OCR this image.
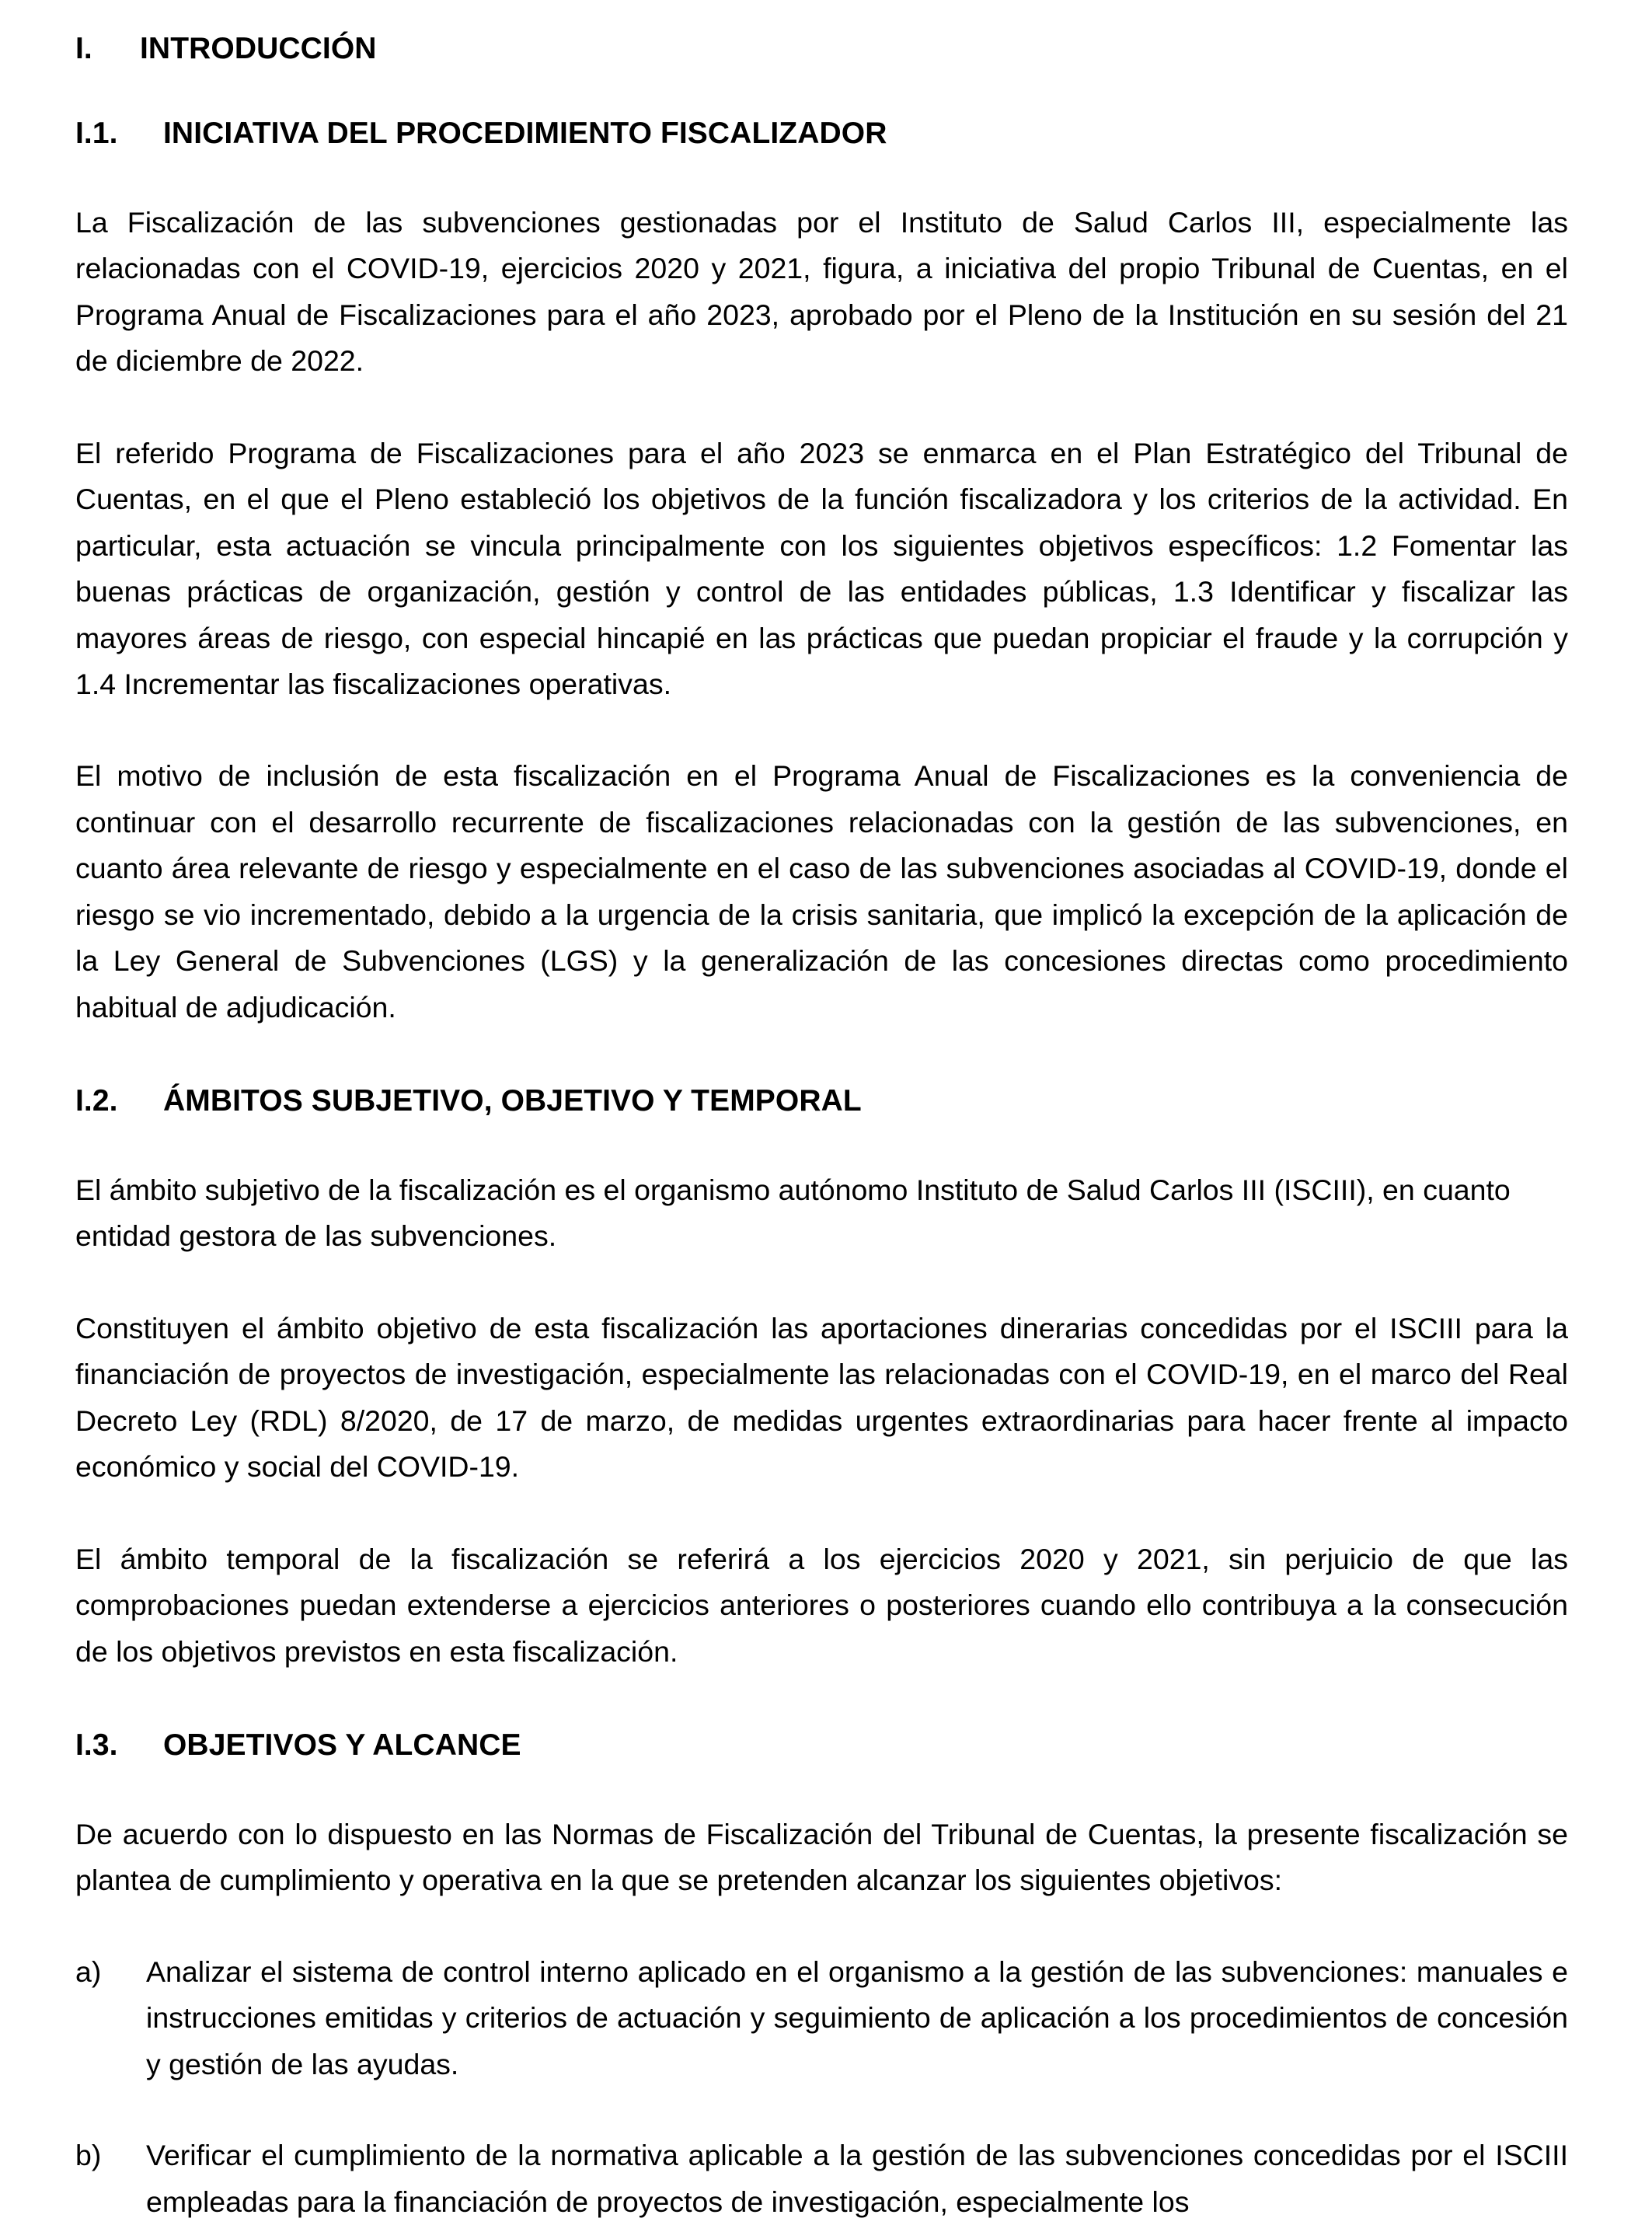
I.	INTRODUCCIÓN
I.1.	INICIATIVA DEL PROCEDIMIENTO FISCALIZADOR

La Fiscalización de las subvenciones gestionadas por el Instituto de Salud Carlos III, especialmente las relacionadas con el COVID-19, ejercicios 2020 y 2021, figura, a iniciativa del propio Tribunal de Cuentas, en el Programa Anual de Fiscalizaciones para el año 2023, aprobado por el Pleno de la Institución en su sesión del 21 de diciembre de 2022.

El referido Programa de Fiscalizaciones para el año 2023 se enmarca en el Plan Estratégico del Tribunal de Cuentas, en el que el Pleno estableció los objetivos de la función fiscalizadora y los criterios de la actividad. En particular, esta actuación se vincula principalmente con los siguientes objetivos específicos: 1.2 Fomentar las buenas prácticas de organización, gestión y control de las entidades públicas, 1.3 Identificar y fiscalizar las mayores áreas de riesgo, con especial hincapié en las prácticas que puedan propiciar el fraude y la corrupción y 1.4 Incrementar las fiscalizaciones operativas.

El motivo de inclusión de esta fiscalización en el Programa Anual de Fiscalizaciones es la conveniencia de continuar con el desarrollo recurrente de fiscalizaciones relacionadas con la gestión de las subvenciones, en cuanto área relevante de riesgo y especialmente en el caso de las subvenciones asociadas al COVID-19, donde el riesgo se vio incrementado, debido a la urgencia de la crisis sanitaria, que implicó la excepción de la aplicación de la Ley General de Subvenciones (LGS) y la generalización de las concesiones directas como procedimiento habitual de adjudicación.

I.2.	ÁMBITOS SUBJETIVO, OBJETIVO Y TEMPORAL

El ámbito subjetivo de la fiscalización es el organismo autónomo Instituto de Salud Carlos III (ISCIII), en cuanto entidad gestora de las subvenciones.

Constituyen el ámbito objetivo de esta fiscalización las aportaciones dinerarias concedidas por el ISCIII para la financiación de proyectos de investigación, especialmente las relacionadas con el COVID-19, en el marco del Real Decreto Ley (RDL) 8/2020, de 17 de marzo, de medidas urgentes extraordinarias para hacer frente al impacto económico y social del COVID-19.

El ámbito temporal de la fiscalización se referirá a los ejercicios 2020 y 2021, sin perjuicio de que las comprobaciones puedan extenderse a ejercicios anteriores o posteriores cuando ello contribuya a la consecución de los objetivos previstos en esta fiscalización.

I.3.	OBJETIVOS Y ALCANCE

De acuerdo con lo dispuesto en las Normas de Fiscalización del Tribunal de Cuentas, la presente fiscalización se plantea de cumplimiento y operativa en la que se pretenden alcanzar los siguientes objetivos:

a)	Analizar el sistema de control interno aplicado en el organismo a la gestión de las subvenciones: manuales e instrucciones emitidas y criterios de actuación y seguimiento de aplicación a los procedimientos de concesión y gestión de las ayudas.
b)	Verificar el cumplimiento de la normativa aplicable a la gestión de las subvenciones concedidas por el ISCIII empleadas para la financiación de proyectos de investigación, especialmente los
